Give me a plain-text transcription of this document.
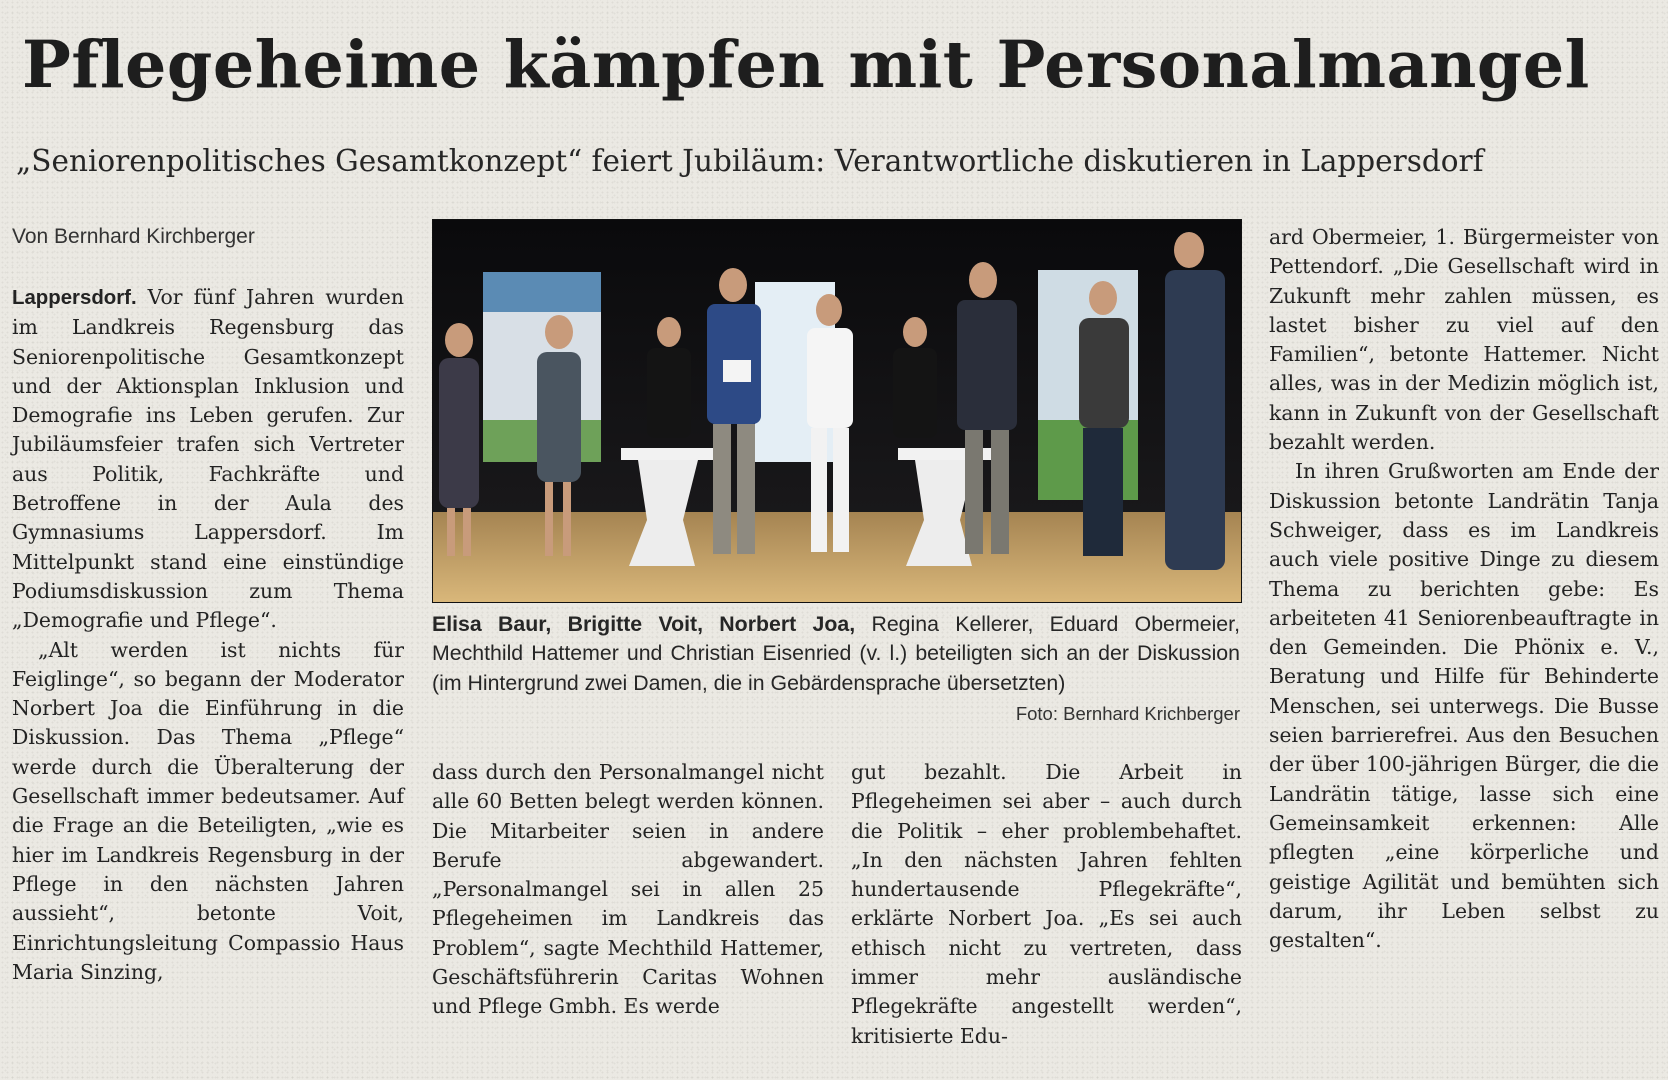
Pflegeheime kämpfen mit Personalmangel
„Seniorenpolitisches Gesamtkonzept“ feiert Jubiläum: Verantwortliche diskutieren in Lappersdorf
Von Bernhard Kirchberger

Lappersdorf. Vor fünf Jahren wurden im Landkreis Regensburg das Seniorenpolitische Gesamtkonzept und der Aktionsplan Inklusion und Demografie ins Leben gerufen. Zur Jubiläumsfeier trafen sich Vertreter aus Politik, Fachkräfte und Betroffene in der Aula des Gymnasiums Lappersdorf. Im Mittelpunkt stand eine einstündige Podiumsdiskussion zum Thema „Demografie und Pflege“.

„Alt werden ist nichts für Feiglinge“, so begann der Moderator Norbert Joa die Einführung in die Diskussion. Das Thema „Pflege“ werde durch die Überalterung der Gesellschaft immer bedeutsamer. Auf die Frage an die Beteiligten, „wie es hier im Landkreis Regensburg in der Pflege in den nächsten Jahren aussieht“, betonte Voit, Einrichtungsleitung Compassio Haus Maria Sinzing,

Elisa Baur, Brigitte Voit, Norbert Joa, Regina Kellerer, Eduard Obermeier, Mechthild Hattemer und Christian Eisenried (v. l.) beteiligten sich an der Diskussion (im Hintergrund zwei Damen, die in Gebärdensprache übersetzten)
Foto: Bernhard Krichberger

dass durch den Personalmangel nicht alle 60 Betten belegt werden können. Die Mitarbeiter seien in andere Berufe abgewandert. „Personalmangel sei in allen 25 Pflegeheimen im Landkreis das Problem“, sagte Mechthild Hattemer, Geschäftsführerin Caritas Wohnen und Pflege Gmbh. Es werde

gut bezahlt. Die Arbeit in Pflegeheimen sei aber – auch durch die Politik – eher problembehaftet. „In den nächsten Jahren fehlten hundertausende Pflegekräfte“, erklärte Norbert Joa. „Es sei auch ethisch nicht zu vertreten, dass immer mehr ausländische Pflegekräfte angestellt werden“, kritisierte Edu-

ard Obermeier, 1. Bürgermeister von Pettendorf. „Die Gesellschaft wird in Zukunft mehr zahlen müssen, es lastet bisher zu viel auf den Familien“, betonte Hattemer. Nicht alles, was in der Medizin möglich ist, kann in Zukunft von der Gesellschaft bezahlt werden.

In ihren Grußworten am Ende der Diskussion betonte Landrätin Tanja Schweiger, dass es im Landkreis auch viele positive Dinge zu diesem Thema zu berichten gebe: Es arbeiteten 41 Seniorenbeauftragte in den Gemeinden. Die Phönix e. V., Beratung und Hilfe für Behinderte Menschen, sei unterwegs. Die Busse seien barrierefrei. Aus den Besuchen der über 100-jährigen Bürger, die die Landrätin tätige, lasse sich eine Gemeinsamkeit erkennen: Alle pflegten „eine körperliche und geistige Agilität und bemühten sich darum, ihr Leben selbst zu gestalten“.
